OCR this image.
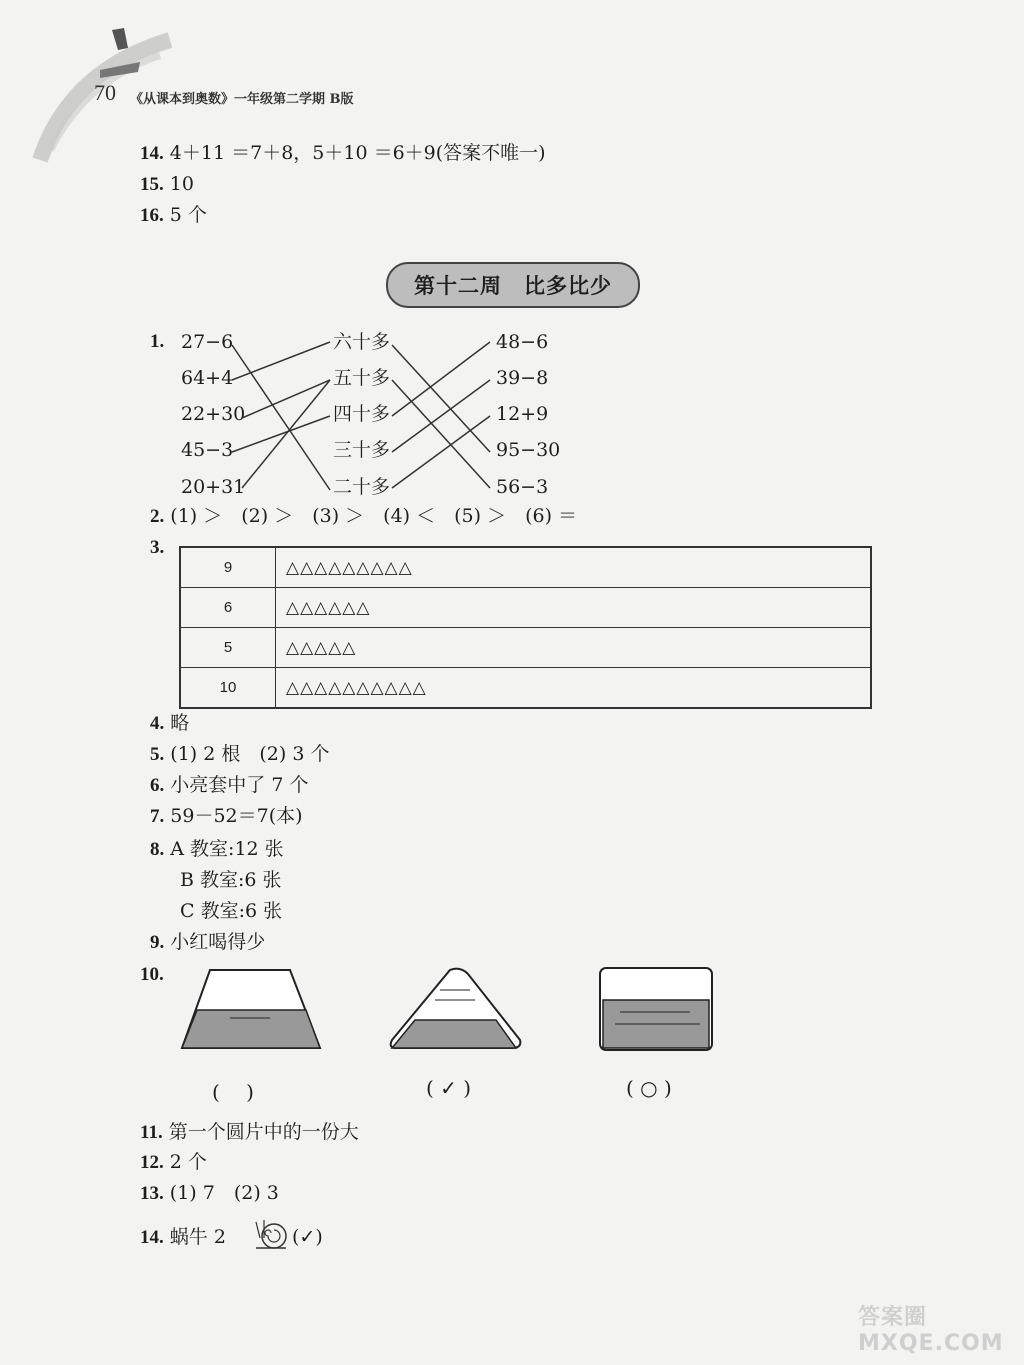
70 《从课本到奥数》一年级第二学期 B版
14. 4＋11 ＝7＋8，5＋10 ＝6＋9(答案不唯一)
15. 10
16. 5 个
第十二周　比多比少
1. 27−6
64+4
22+30
45−3
20+31
六十多
五十多
四十多
三十多
二十多
48−6
39−8
12+9
95−30
56−3
2. (1) ＞　(2) ＞　(3) ＞　(4) ＜　(5) ＞　(6) ＝
3.
9	△△△△△△△△△
6	△△△△△△
5	△△△△△
10	△△△△△△△△△△
4. 略
5. (1) 2 根　(2) 3 个
6. 小亮套中了 7 个
7. 59－52＝7(本)
8. A 教室:12 张
B 教室:6 张
C 教室:6 张
9. 小红喝得少
10.
(　 )	( ✓ )	( ○ )
11. 第一个圆片中的一份大
12. 2 个
13. (1) 7　(2) 3
14. 蜗牛 2	(✓)
答案圈 MXQE.COM
